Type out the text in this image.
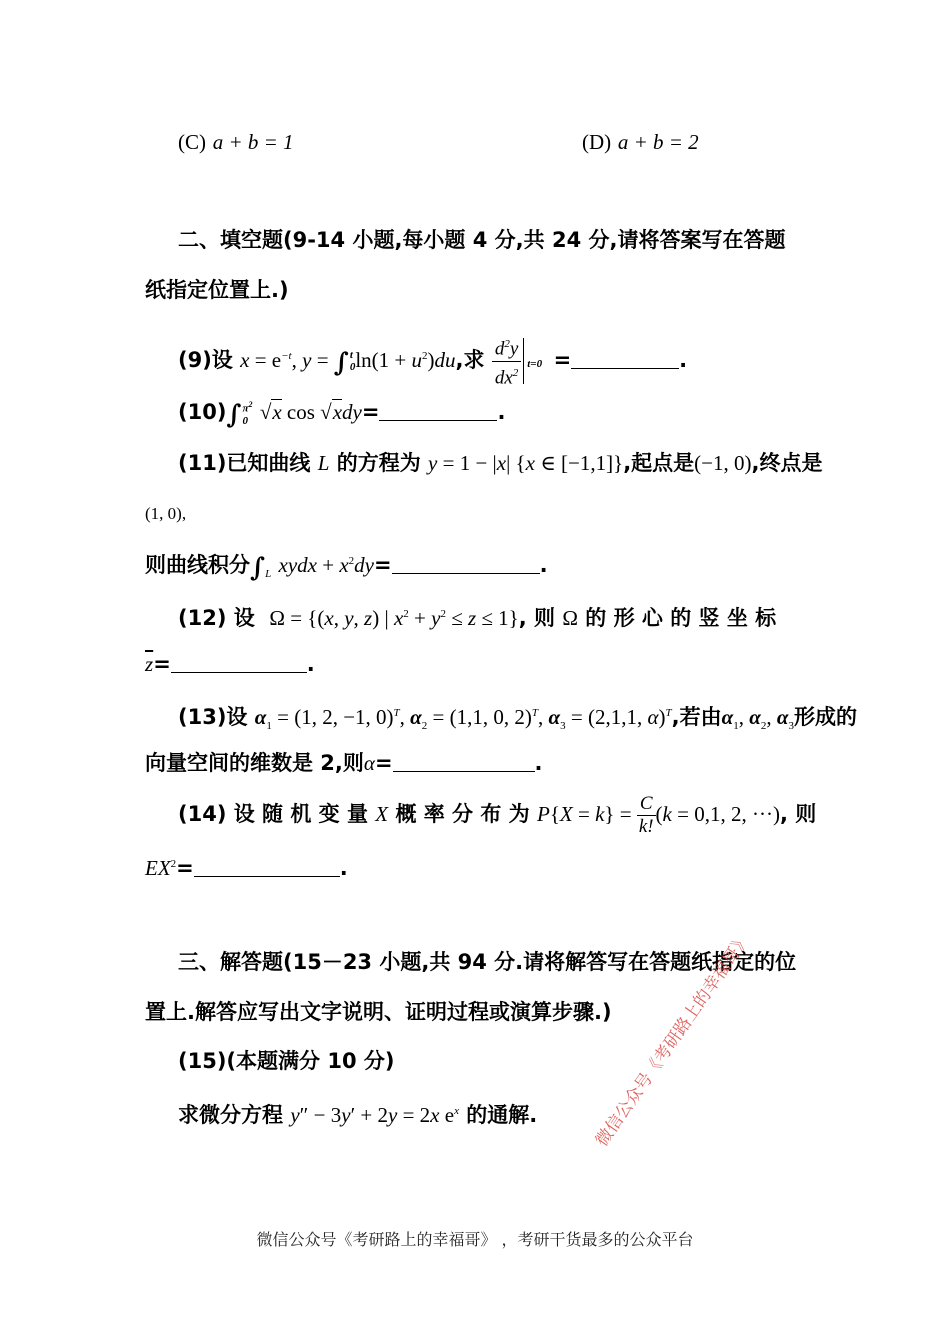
(C) a + b = 1	(D) a + b = 2
二、填空题(9-14 小题,每小题 4 分,共 24 分,请将答案写在答题
纸指定位置上.)
(9)设 $x = e^{-t}$, y = ∫ t
0 $\ln(1 + u^2)du$,求 $\frac{d^2y}{dx^2} t=0$ =	.
(10)∫ $\pi^2$
0 √x cos √xdy=	.
(11)已知曲线 L 的方程为 y = 1 − |x| {x ∈ [−1,1]},起点是(−1, 0),终点是
(1, 0),
则曲线积分$\int_L$ xydx + $x^2dy=$	.
(12) 设 Ω = {(x, y, z) | $x^2 + y^2 \le z \le 1$}, 则 Ω 的 形 心 的 竖 坐 标
$\overline{z}=$	.
(13)设 $\alpha_1 = (1$, 2, −1, 0)$^T$, $\alpha_2 = (1,1$, 0, 2)$^T$, $\alpha_3 = (2,1,1$, α)$^T$,若由$\alpha_1$, $\alpha_2$, $\alpha_3$形成的
向量空间的维数是 2,则α=	.
(14) 设 随 机 变 量 X 概 率 分 布 为 $P\{X = k\} = \frac{C}{k!} (k = 0,1$, 2, ···), 则
$EX^2=$	.
三、解答题(15－23 小题,共 94 分.请将解答写在答题纸指定的位
置上.解答应写出文字说明、证明过程或演算步骤.)
(15)(本题满分 10 分)
求微分方程 y″ − 3y′ + 2y = 2x $e^x$ 的通解.	微信公众号《考研路上的幸福哥》
微信公众号《考研路上的幸福哥》 ，考研干货最多的公众平台
